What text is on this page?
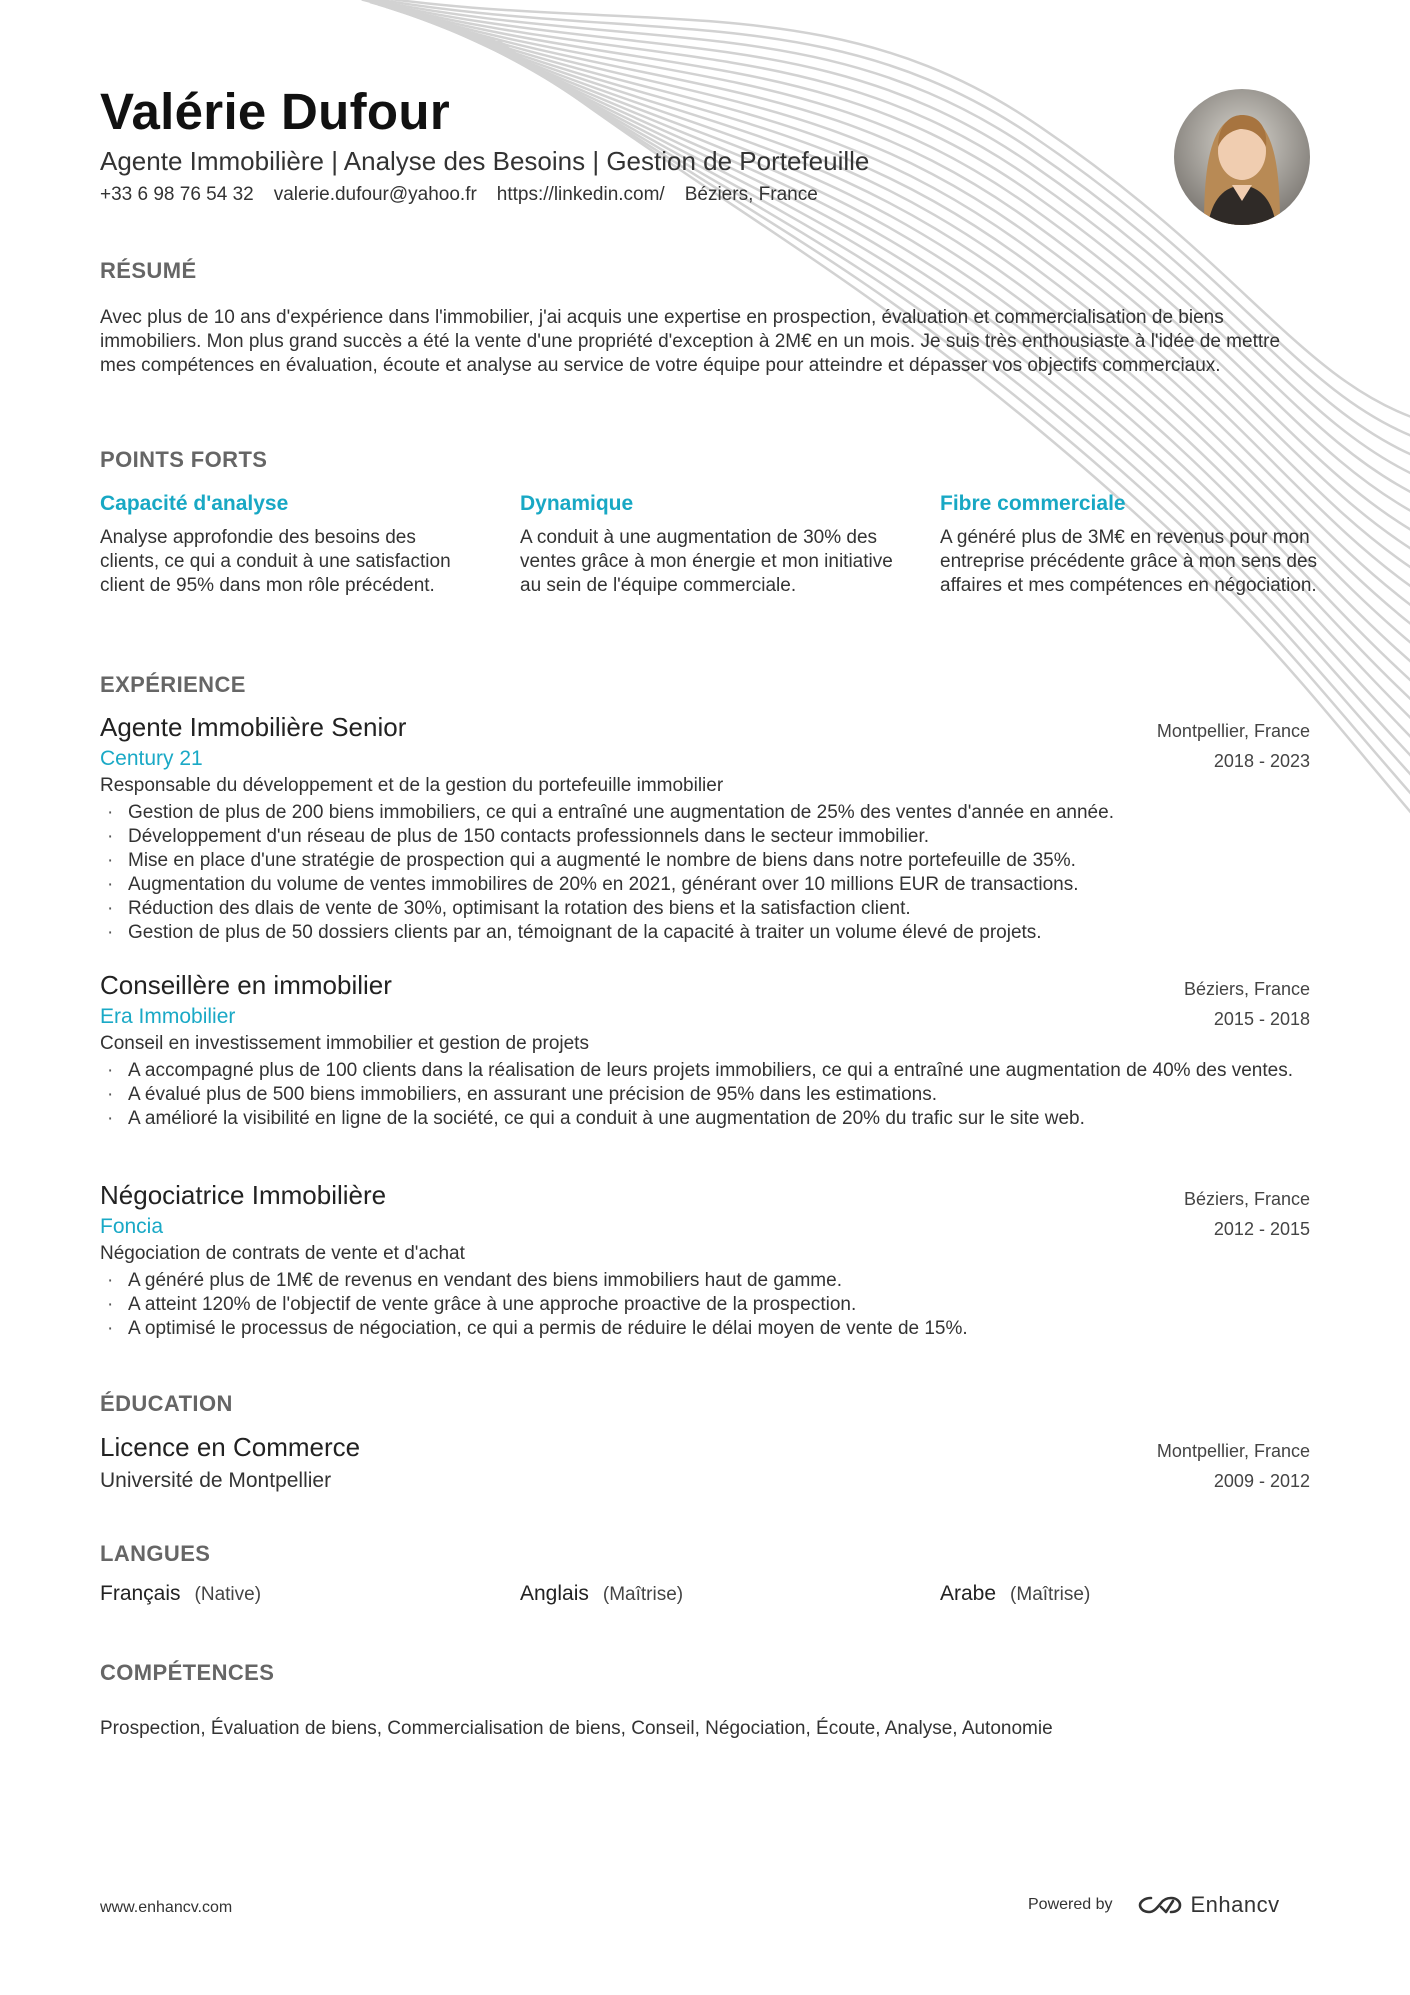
Valérie Dufour
Agente Immobilière | Analyse des Besoins | Gestion de Portefeuille
+33 6 98 76 54 32 valerie.dufour@yahoo.fr https://linkedin.com/ Béziers, France
RÉSUMÉ
Avec plus de 10 ans d'expérience dans l'immobilier, j'ai acquis une expertise en prospection, évaluation et commercialisation de biens immobiliers. Mon plus grand succès a été la vente d'une propriété d'exception à 2M€ en un mois. Je suis très enthousiaste à l'idée de mettre mes compétences en évaluation, écoute et analyse au service de votre équipe pour atteindre et dépasser vos objectifs commerciaux.
POINTS FORTS
Capacité d'analyse

Analyse approfondie des besoins des clients, ce qui a conduit à une satisfaction client de 95% dans mon rôle précédent.

Dynamique

A conduit à une augmentation de 30% des ventes grâce à mon énergie et mon initiative au sein de l'équipe commerciale.

Fibre commerciale

A généré plus de 3M€ en revenus pour mon entreprise précédente grâce à mon sens des affaires et mes compétences en négociation.

EXPÉRIENCE
Agente Immobilière Senior
Century 21
Responsable du développement et de la gestion du portefeuille immobilier
Montpellier, France
2018 - 2023
· Gestion de plus de 200 biens immobiliers, ce qui a entraîné une augmentation de 25% des ventes d'année en année.
· Développement d'un réseau de plus de 150 contacts professionnels dans le secteur immobilier.
· Mise en place d'une stratégie de prospection qui a augmenté le nombre de biens dans notre portefeuille de 35%.
· Augmentation du volume de ventes immobilires de 20% en 2021, générant over 10 millions EUR de transactions.
· Réduction des dlais de vente de 30%, optimisant la rotation des biens et la satisfaction client.
· Gestion de plus de 50 dossiers clients par an, témoignant de la capacité à traiter un volume élevé de projets.
Conseillère en immobilier
Era Immobilier
Conseil en investissement immobilier et gestion de projets
Béziers, France
2015 - 2018
· A accompagné plus de 100 clients dans la réalisation de leurs projets immobiliers, ce qui a entraîné une augmentation de 40% des ventes.
· A évalué plus de 500 biens immobiliers, en assurant une précision de 95% dans les estimations.
· A amélioré la visibilité en ligne de la société, ce qui a conduit à une augmentation de 20% du trafic sur le site web.
Négociatrice Immobilière
Foncia
Négociation de contrats de vente et d'achat
Béziers, France
2012 - 2015
· A généré plus de 1M€ de revenus en vendant des biens immobiliers haut de gamme.
· A atteint 120% de l'objectif de vente grâce à une approche proactive de la prospection.
· A optimisé le processus de négociation, ce qui a permis de réduire le délai moyen de vente de 15%.
ÉDUCATION
Licence en Commerce
Université de Montpellier
Montpellier, France
2009 - 2012
LANGUES
Français (Native)	Anglais (Maîtrise)	Arabe (Maîtrise)
COMPÉTENCES
Prospection, Évaluation de biens, Commercialisation de biens, Conseil, Négociation, Écoute, Analyse, Autonomie
www.enhancv.com	Powered by	Enhancv
